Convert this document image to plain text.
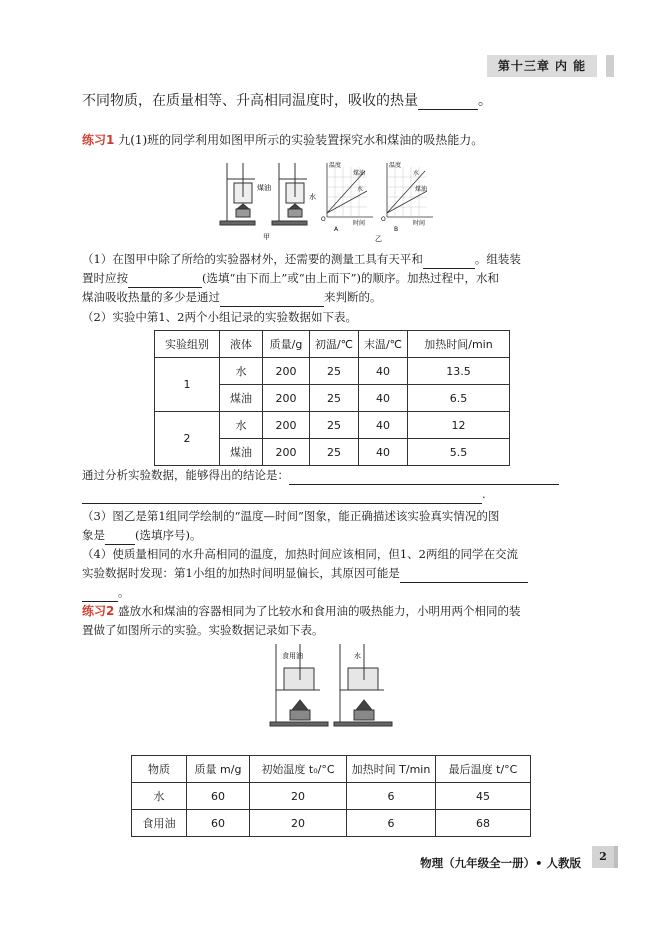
第十三章 内 能
不同物质，在质量相等、升高相同温度时，吸收的热量	。
练习1 九(1)班的同学利用如图甲所示的实验装置探究水和煤油的吸热能力。
煤油
水
甲
温度
煤油
水
O
时间
A
温度
水
煤油
O
时间
B
乙
（1）在图甲中除了所给的实验器材外，还需要的测量工具有天平和	。组装装
置时应按	(选填“由下而上”或“由上而下”)的顺序。加热过程中，水和
煤油吸收热量的多少是通过	来判断的。
（2）实验中第1、2两个小组记录的实验数据如下表。
实验组别	液体	质量/g	初温/℃	末温/℃	加热时间/min
1	水	200	25	40	13.5
	煤油	200	25	40	6.5
2	水	200	25	40	12
	煤油	200	25	40	5.5
通过分析实验数据，能够得出的结论是：
.
（3）图乙是第1组同学绘制的“温度—时间”图象，能正确描述该实验真实情况的图
象是	(选填序号)。
（4）使质量相同的水升高相同的温度，加热时间应该相同，但1、2两组的同学在交流
实验数据时发现：第1小组的加热时间明显偏长，其原因可能是
。
练习2 盛放水和煤油的容器相同为了比较水和食用油的吸热能力，小明用两个相同的装
置做了如图所示的实验。实验数据记录如下表。
食用油	水
物质	质量 m/g	初始温度 t₀/°C	加热时间 T/min	最后温度 t/°C
水	60	20	6	45
食用油	60	20	6	68
物理（九年级全一册）• 人教版	2
